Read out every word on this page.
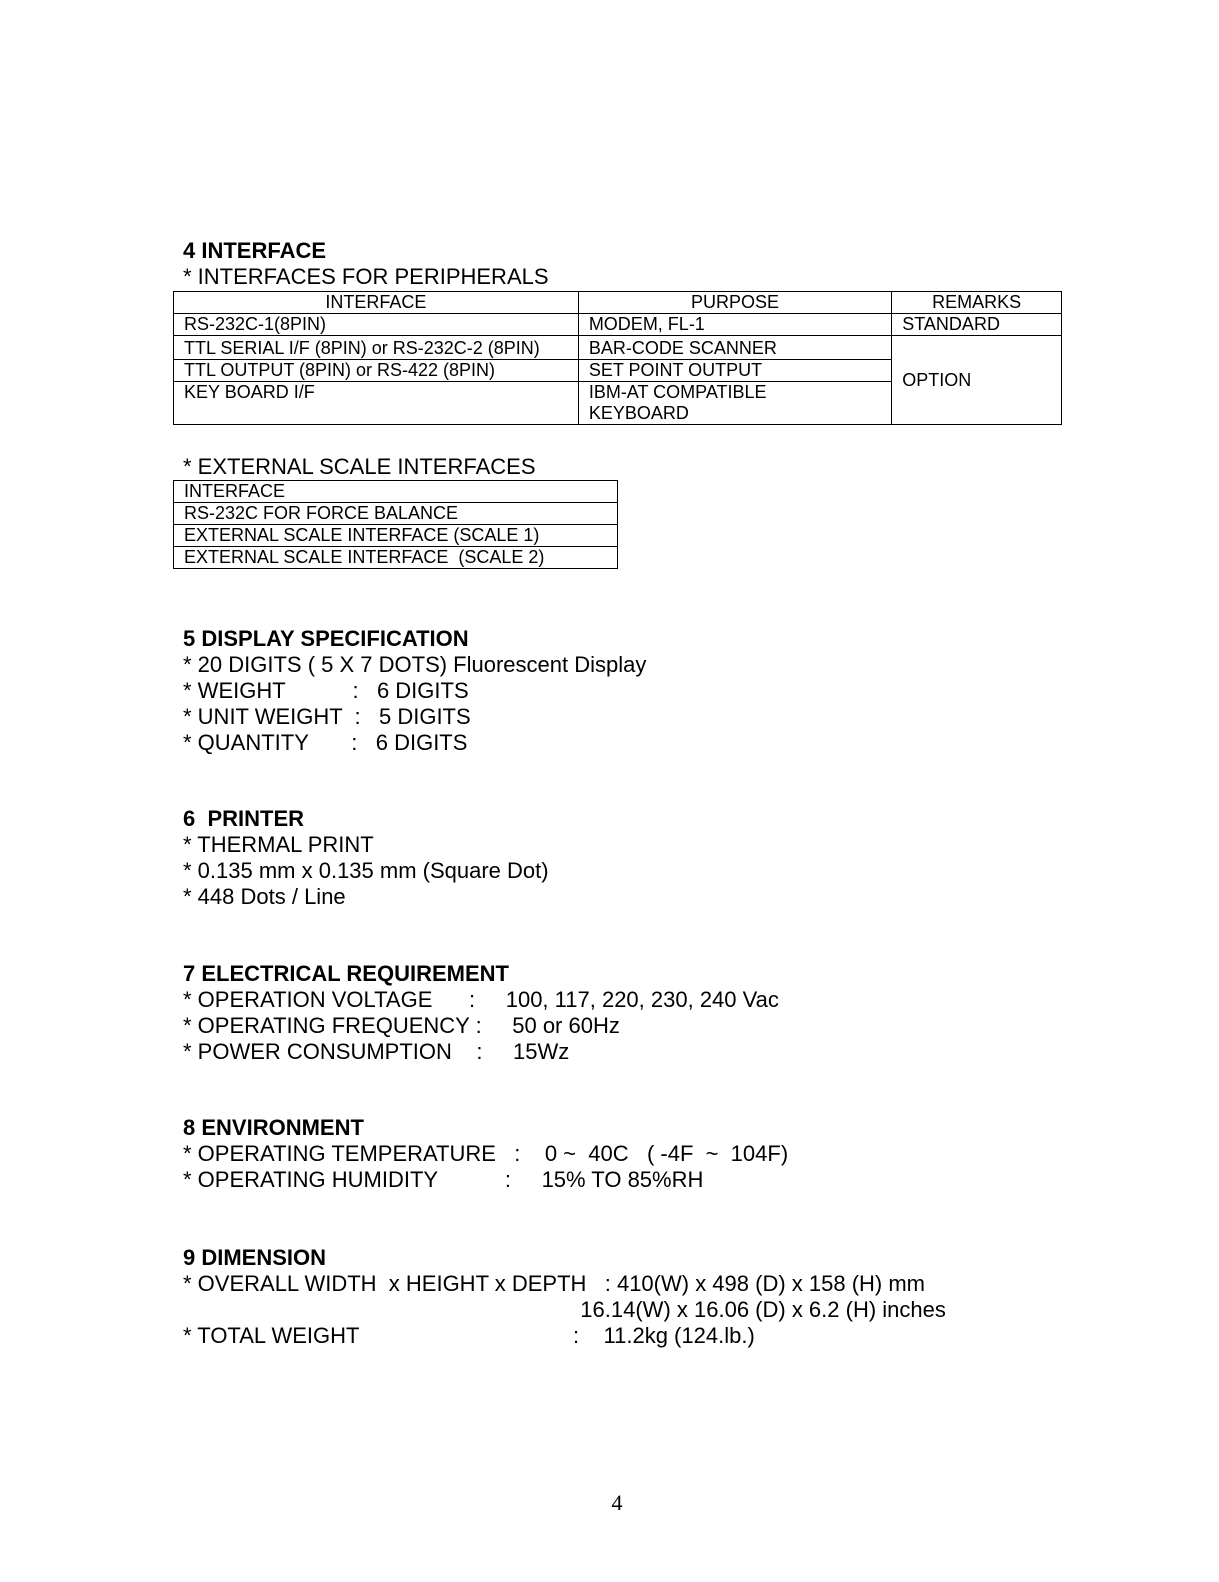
4 INTERFACE
* INTERFACES FOR PERIPHERALS
INTERFACE	PURPOSE	REMARKS
RS-232C-1(8PIN)	MODEM, FL-1	STANDARD
TTL SERIAL I/F (8PIN) or RS-232C-2 (8PIN)	BAR-CODE SCANNER	OPTION
TTL OUTPUT (8PIN) or RS-422 (8PIN)	SET POINT OUTPUT	
KEY BOARD I/F	IBM-AT COMPATIBLE
KEYBOARD	
* EXTERNAL SCALE INTERFACES
INTERFACE
RS-232C FOR FORCE BALANCE
EXTERNAL SCALE INTERFACE (SCALE 1)
EXTERNAL SCALE INTERFACE  (SCALE 2)
5 DISPLAY SPECIFICATION
* 20 DIGITS ( 5 X 7 DOTS) Fluorescent Display
* WEIGHT           :   6 DIGITS
* UNIT WEIGHT  :   5 DIGITS
* QUANTITY       :   6 DIGITS
6  PRINTER
* THERMAL PRINT
* 0.135 mm x 0.135 mm (Square Dot)
* 448 Dots / Line
7 ELECTRICAL REQUIREMENT
* OPERATION VOLTAGE      :     100, 117, 220, 230, 240 Vac
* OPERATING FREQUENCY :     50 or 60Hz
* POWER CONSUMPTION    :     15Wz
8 ENVIRONMENT
* OPERATING TEMPERATURE   :    0 ~  40C   ( -4F  ~  104F)
* OPERATING HUMIDITY           :     15% TO 85%RH
9 DIMENSION
* OVERALL WIDTH  x HEIGHT x DEPTH   : 410(W) x 498 (D) x 158 (H) mm
16.14(W) x 16.06 (D) x 6.2 (H) inches
* TOTAL WEIGHT                                   :    11.2kg (124.lb.)
4
